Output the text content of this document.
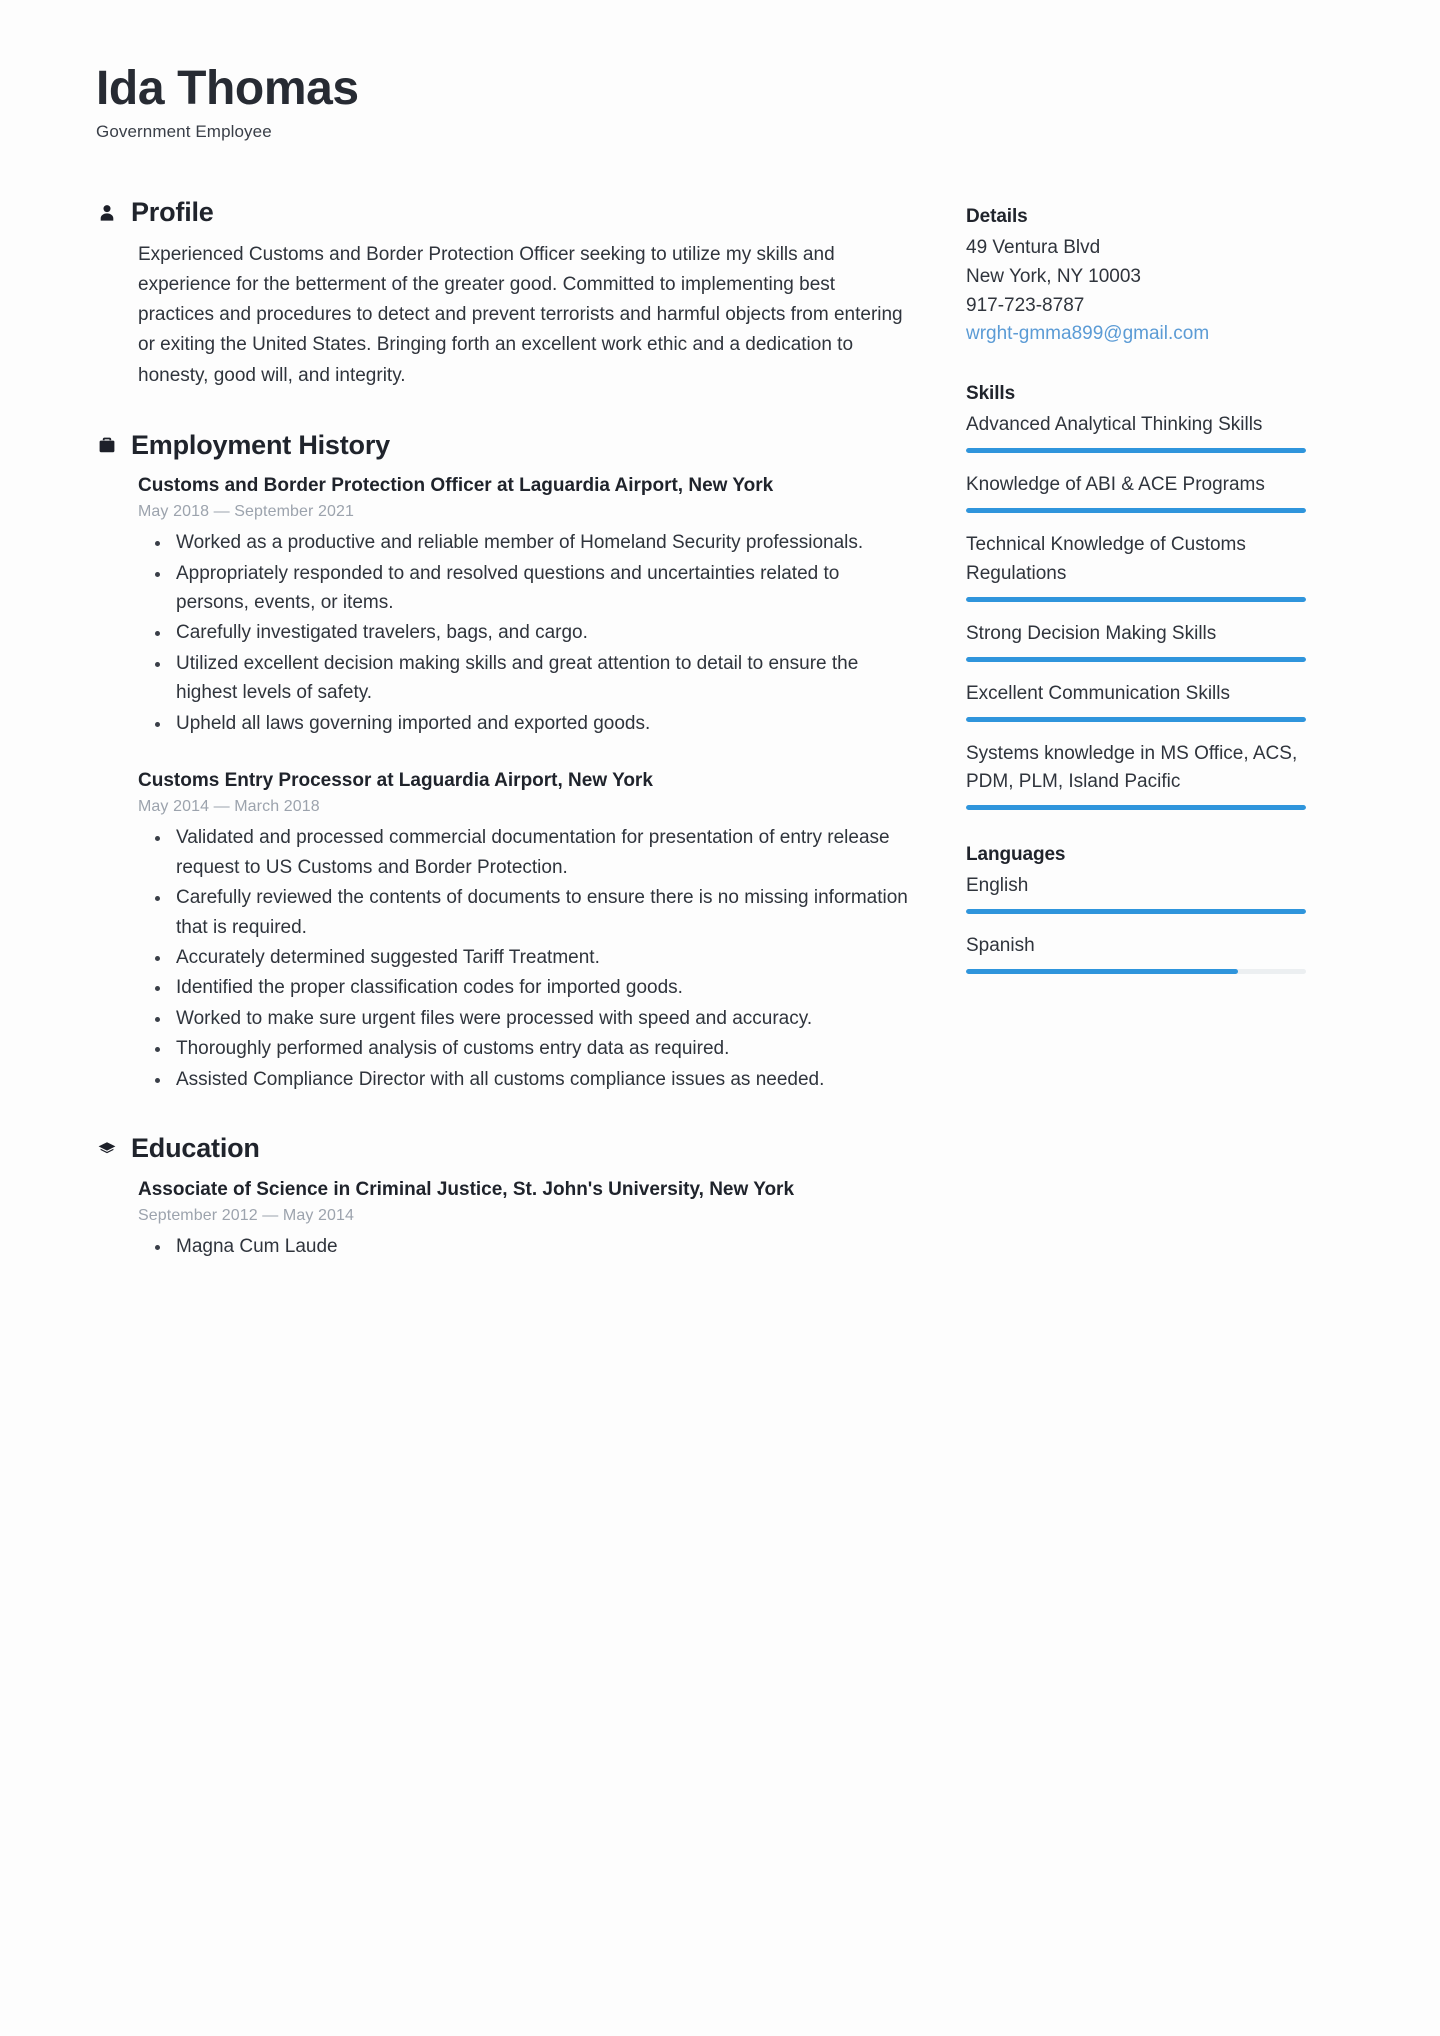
Ida Thomas

Government Employee

Profile

Experienced Customs and Border Protection Officer seeking to utilize my skills and experience for the betterment of the greater good. Committed to implementing best practices and procedures to detect and prevent terrorists and harmful objects from entering or exiting the United States. Bringing forth an excellent work ethic and a dedication to honesty, good will, and integrity.

Employment History

Customs and Border Protection Officer at Laguardia Airport, New York

May 2018 — September 2021

Worked as a productive and reliable member of Homeland Security professionals.
Appropriately responded to and resolved questions and uncertainties related to persons, events, or items.
Carefully investigated travelers, bags, and cargo.
Utilized excellent decision making skills and great attention to detail to ensure the highest levels of safety.
Upheld all laws governing imported and exported goods.

Customs Entry Processor at Laguardia Airport, New York

May 2014 — March 2018

Validated and processed commercial documentation for presentation of entry release request to US Customs and Border Protection.
Carefully reviewed the contents of documents to ensure there is no missing information that is required.
Accurately determined suggested Tariff Treatment.
Identified the proper classification codes for imported goods.
Worked to make sure urgent files were processed with speed and accuracy.
Thoroughly performed analysis of customs entry data as required.
Assisted Compliance Director with all customs compliance issues as needed.
Education

Associate of Science in Criminal Justice, St. John's University, New York

September 2012 — May 2014

Magna Cum Laude

Details

49 Ventura Blvd

New York, NY 10003

917-723-8787

wrght-gmma899@gmail.com

Skills

Advanced Analytical Thinking Skills

Knowledge of ABI & ACE Programs

Technical Knowledge of Customs Regulations

Strong Decision Making Skills

Excellent Communication Skills

Systems knowledge in MS Office, ACS, PDM, PLM, Island Pacific

Languages

English

Spanish
